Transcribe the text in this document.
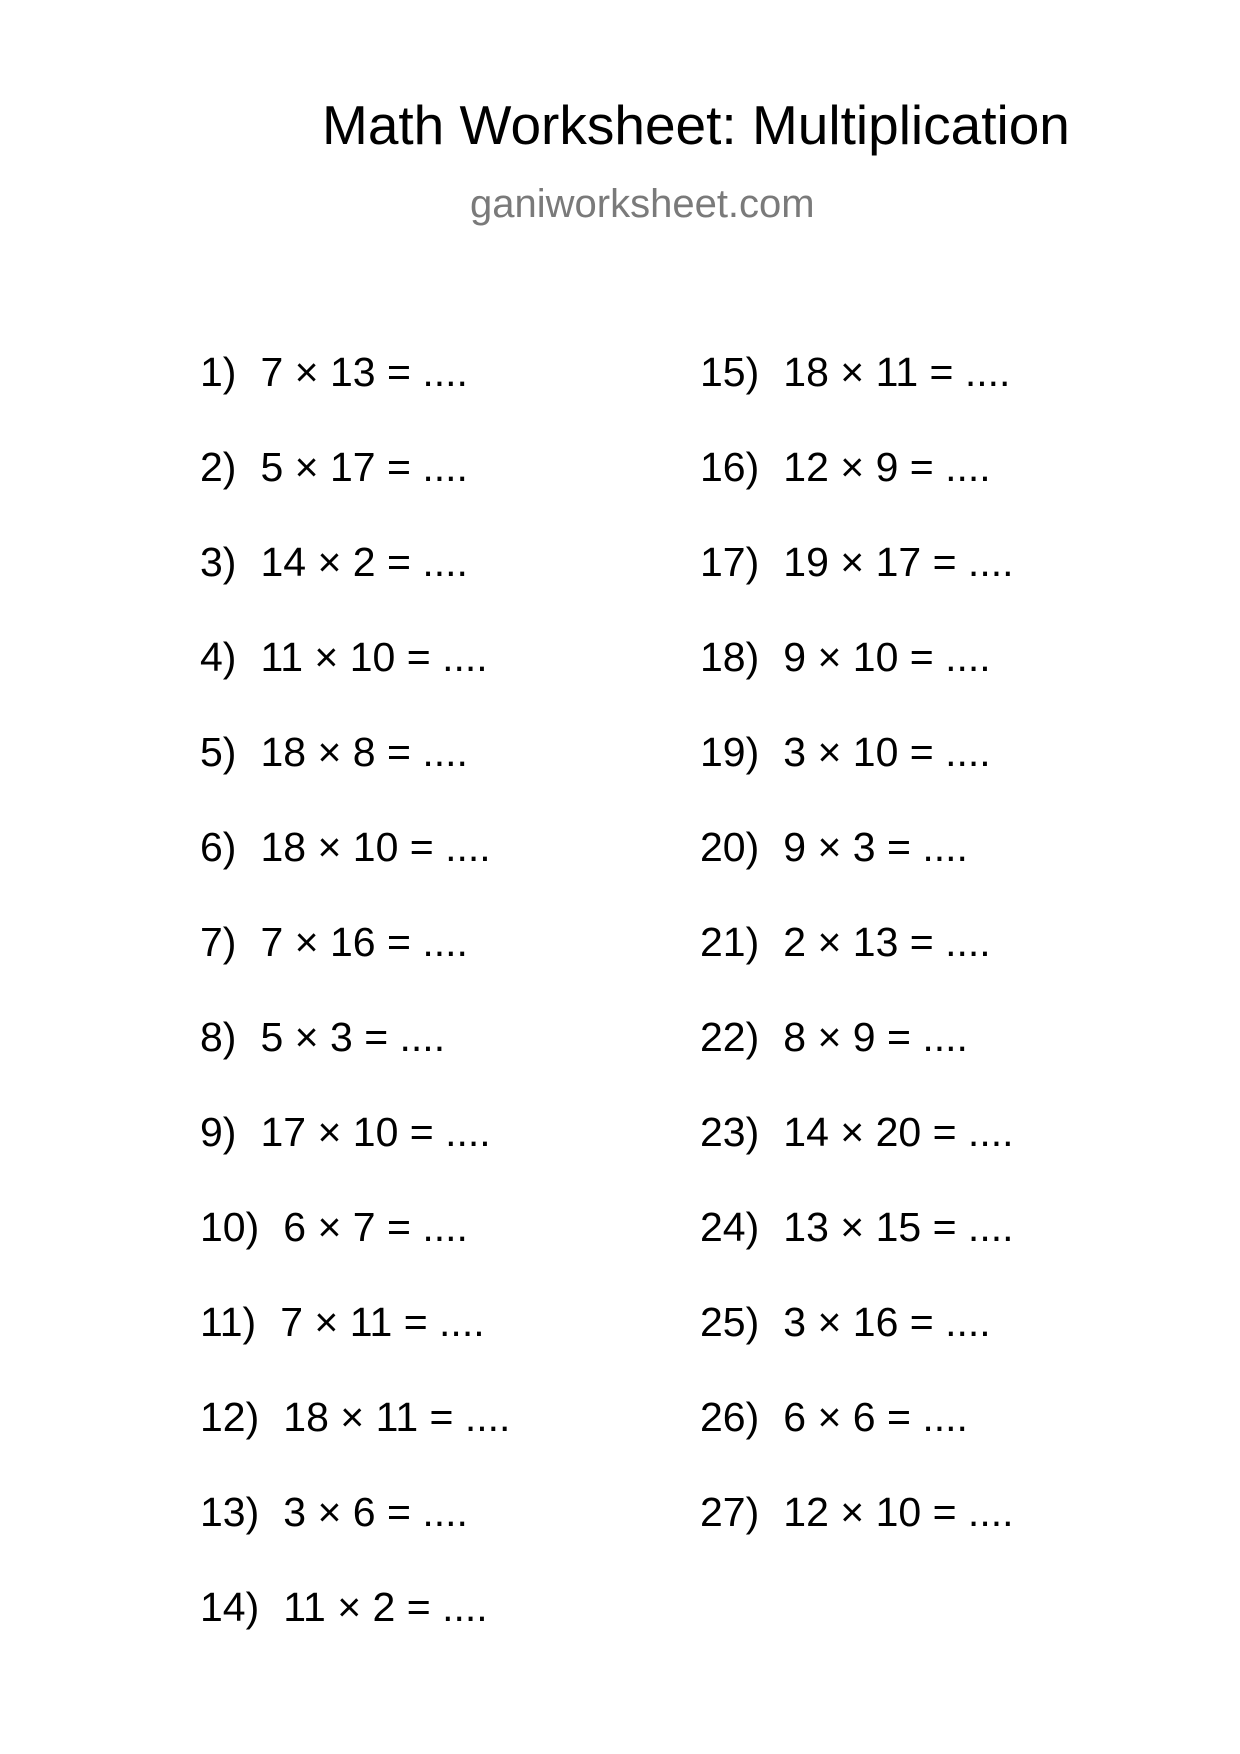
Math Worksheet: Multiplication
ganiworksheet.com
1) 7 × 13 = ....
2) 5 × 17 = ....
3) 14 × 2 = ....
4) 11 × 10 = ....
5) 18 × 8 = ....
6) 18 × 10 = ....
7) 7 × 16 = ....
8) 5 × 3 = ....
9) 17 × 10 = ....
10) 6 × 7 = ....
11) 7 × 11 = ....
12) 18 × 11 = ....
13) 3 × 6 = ....
14) 11 × 2 = ....
15) 18 × 11 = ....
16) 12 × 9 = ....
17) 19 × 17 = ....
18) 9 × 10 = ....
19) 3 × 10 = ....
20) 9 × 3 = ....
21) 2 × 13 = ....
22) 8 × 9 = ....
23) 14 × 20 = ....
24) 13 × 15 = ....
25) 3 × 16 = ....
26) 6 × 6 = ....
27) 12 × 10 = ....
